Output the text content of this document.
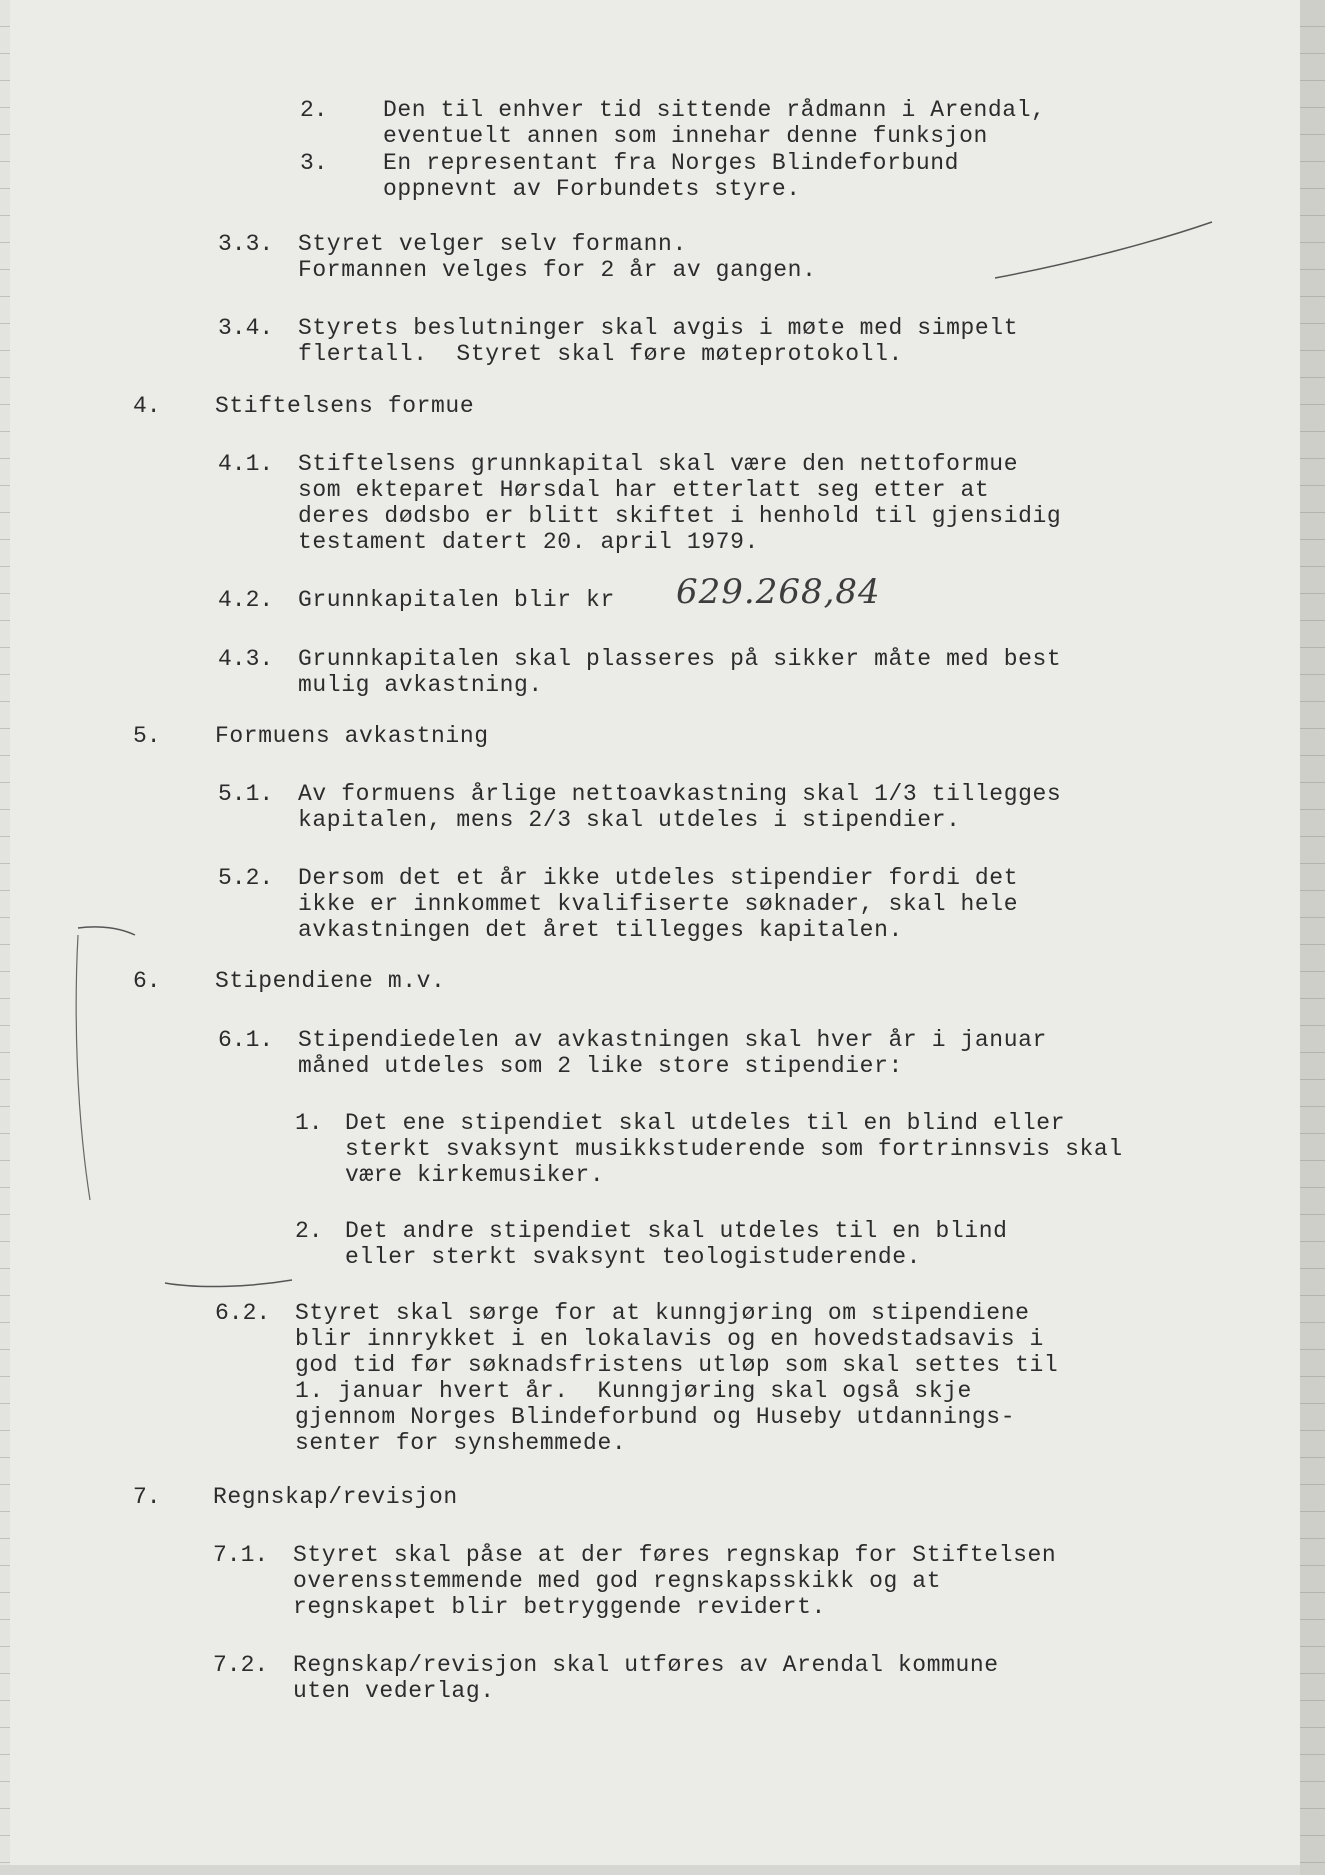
2. Den til enhver tid sittende rådmann i Arendal,
eventuelt annen som innehar denne funksjon
3. En representant fra Norges Blindeforbund
oppnevnt av Forbundets styre.
3.3. Styret velger selv formann.
Formannen velges for 2 år av gangen.
3.4. Styrets beslutninger skal avgis i møte med simpelt
flertall.  Styret skal føre møteprotokoll.
4. Stiftelsens formue
4.1. Stiftelsens grunnkapital skal være den nettoformue
som ekteparet Hørsdal har etterlatt seg etter at
deres dødsbo er blitt skiftet i henhold til gjensidig
testament datert 20. april 1979.
4.2. Grunnkapitalen blir kr
4.3. Grunnkapitalen skal plasseres på sikker måte med best
mulig avkastning.
5. Formuens avkastning
5.1. Av formuens årlige nettoavkastning skal 1/3 tillegges
kapitalen, mens 2/3 skal utdeles i stipendier.
5.2. Dersom det et år ikke utdeles stipendier fordi det
ikke er innkommet kvalifiserte søknader, skal hele
avkastningen det året tillegges kapitalen.
6. Stipendiene m.v.
6.1. Stipendiedelen av avkastningen skal hver år i januar
måned utdeles som 2 like store stipendier:
1. Det ene stipendiet skal utdeles til en blind eller
sterkt svaksynt musikkstuderende som fortrinnsvis skal
være kirkemusiker.
2. Det andre stipendiet skal utdeles til en blind
eller sterkt svaksynt teologistuderende.
6.2. Styret skal sørge for at kunngjøring om stipendiene
blir innrykket i en lokalavis og en hovedstadsavis i
god tid før søknadsfristens utløp som skal settes til
1. januar hvert år.  Kunngjøring skal også skje
gjennom Norges Blindeforbund og Huseby utdannings-
senter for synshemmede.
7. Regnskap/revisjon
7.1. Styret skal påse at der føres regnskap for Stiftelsen
overensstemmende med god regnskapsskikk og at
regnskapet blir betryggende revidert.
7.2. Regnskap/revisjon skal utføres av Arendal kommune
uten vederlag.
629.268,84
